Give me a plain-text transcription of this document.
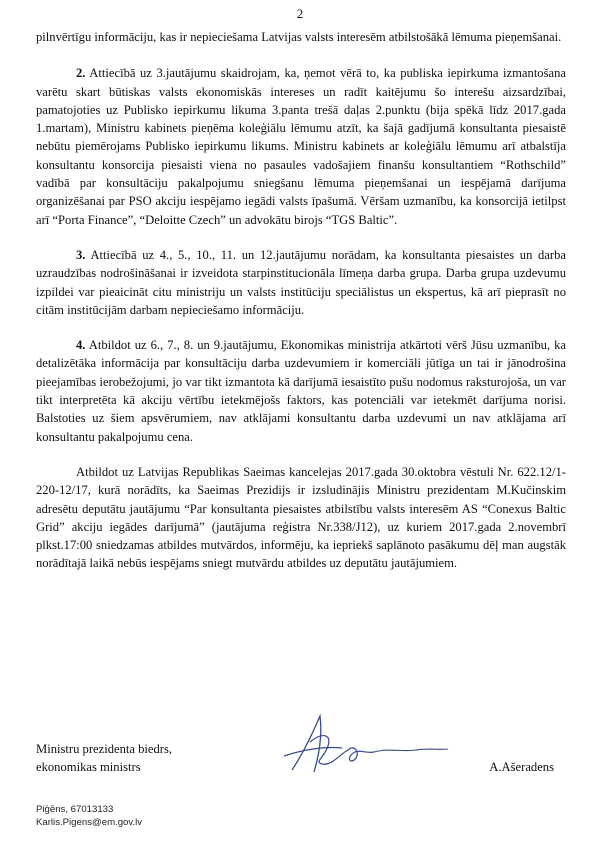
2

pilnvērtīgu informāciju, kas ir nepieciešama Latvijas valsts interesēm atbilstošākā lēmuma pieņemšanai.

2. Attiecībā uz 3.jautājumu skaidrojam, ka, ņemot vērā to, ka publiska iepirkuma izmantošana varētu skart būtiskas valsts ekonomiskās intereses un radīt kaitējumu šo interešu aizsardzībai, pamatojoties uz Publisko iepirkumu likuma 3.panta trešā daļas 2.punktu (bija spēkā līdz 2017.gada 1.martam), Ministru kabinets pieņēma koleģiālu lēmumu atzīt, ka šajā gadījumā konsultanta piesaistē nebūtu piemērojams Publisko iepirkumu likums. Ministru kabinets ar koleģiālu lēmumu arī atbalstīja konsultantu konsorcija piesaisti viena no pasaules vadošajiem finanšu konsultantiem “Rothschild” vadībā par konsultāciju pakalpojumu sniegšanu lēmuma pieņemšanai un iespējamā darījuma organizēšanai par PSO akciju iespējamo iegādi valsts īpašumā. Vēršam uzmanību, ka konsorcijā ietilpst arī “Porta Finance”, “Deloitte Czech” un advokātu birojs “TGS Baltic”.

3. Attiecībā uz 4., 5., 10., 11. un 12.jautājumu norādam, ka konsultanta piesaistes un darba uzraudzības nodrošināšanai ir izveidota starpinstitucionāla līmeņa darba grupa. Darba grupa uzdevumu izpildei var pieaicināt citu ministriju un valsts institūciju speciālistus un ekspertus, kā arī pieprasīt no citām institūcijām darbam nepieciešamo informāciju.

4. Atbildot uz 6., 7., 8. un 9.jautājumu, Ekonomikas ministrija atkārtoti vērš Jūsu uzmanību, ka detalizētāka informācija par konsultāciju darba uzdevumiem ir komerciāli jūtīga un tai ir jānodrošina pieejamības ierobežojumi, jo var tikt izmantota kā darījumā iesaistīto pušu nodomus raksturojoša, un var tikt interpretēta kā akciju vērtību ietekmējošs faktors, kas potenciāli var ietekmēt darījuma norisi. Balstoties uz šiem apsvērumiem, nav atklājami konsultantu darba uzdevumi un nav atklājama arī konsultantu pakalpojumu cena.

Atbildot uz Latvijas Republikas Saeimas kancelejas 2017.gada 30.oktobra vēstuli Nr. 622.12/1-220-12/17, kurā norādīts, ka Saeimas Prezidijs ir izsludinājis Ministru prezidentam M.Kučinskim adresētu deputātu jautājumu “Par konsultanta piesaistes atbilstību valsts interesēm AS “Conexus Baltic Grid” akciju iegādes darījumā” (jautājuma reģistra Nr.338/J12), uz kuriem 2017.gada 2.novembrī plkst.17:00 sniedzamas atbildes mutvārdos, informēju, ka iepriekš saplānoto pasākumu dēļ man augstāk norādītajā laikā nebūs iespējams sniegt mutvārdu atbildes uz deputātu jautājumiem.

Ministru prezidenta biedrs,
ekonomikas ministrs	A.Ašeradens
Piģēns, 67013133
Karlis.Pigens@em.gov.lv
